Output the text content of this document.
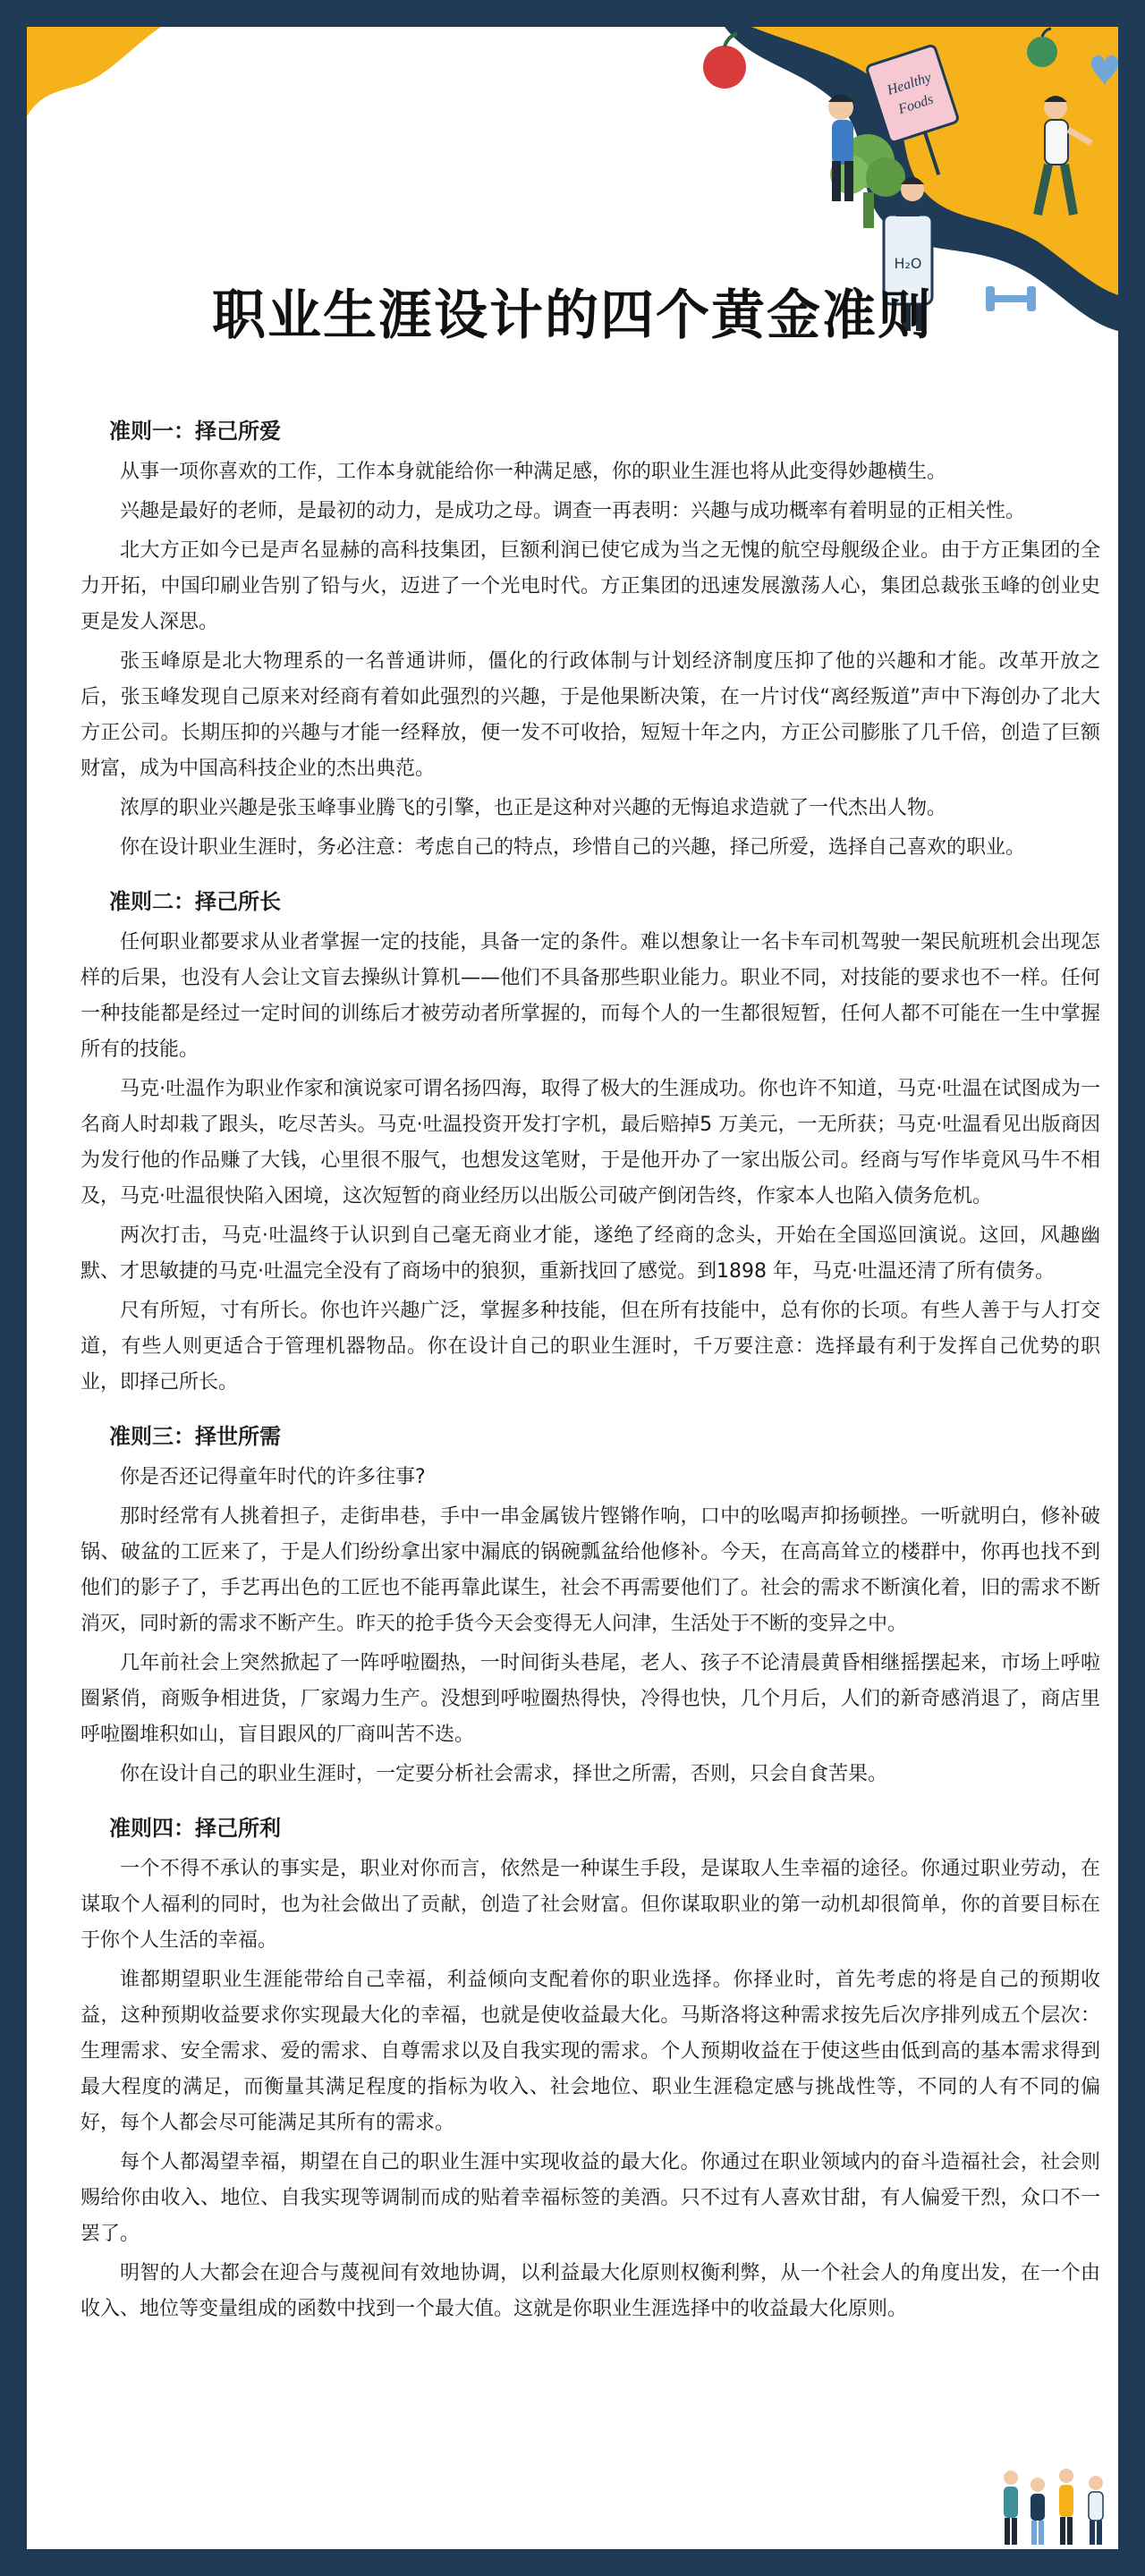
Healthy
Foods
H₂O
职业生涯设计的四个黄金准则

准则一：择己所爱

从事一项你喜欢的工作，工作本身就能给你一种满足感，你的职业生涯也将从此变得妙趣横生。

兴趣是最好的老师，是最初的动力，是成功之母。调查一再表明：兴趣与成功概率有着明显的正相关性。

北大方正如今已是声名显赫的高科技集团，巨额利润已使它成为当之无愧的航空母舰级企业。由于方正集团的全力开拓，中国印刷业告别了铅与火，迈进了一个光电时代。方正集团的迅速发展激荡人心，集团总裁张玉峰的创业史更是发人深思。

张玉峰原是北大物理系的一名普通讲师，僵化的行政体制与计划经济制度压抑了他的兴趣和才能。改革开放之后，张玉峰发现自己原来对经商有着如此强烈的兴趣，于是他果断决策，在一片讨伐“离经叛道”声中下海创办了北大方正公司。长期压抑的兴趣与才能一经释放，便一发不可收拾，短短十年之内，方正公司膨胀了几千倍，创造了巨额财富，成为中国高科技企业的杰出典范。

浓厚的职业兴趣是张玉峰事业腾飞的引擎，也正是这种对兴趣的无悔追求造就了一代杰出人物。

你在设计职业生涯时，务必注意：考虑自己的特点，珍惜自己的兴趣，择己所爱，选择自己喜欢的职业。

准则二：择己所长

任何职业都要求从业者掌握一定的技能，具备一定的条件。难以想象让一名卡车司机驾驶一架民航班机会出现怎样的后果，也没有人会让文盲去操纵计算机——他们不具备那些职业能力。职业不同，对技能的要求也不一样。任何一种技能都是经过一定时间的训练后才被劳动者所掌握的，而每个人的一生都很短暂，任何人都不可能在一生中掌握所有的技能。

马克·吐温作为职业作家和演说家可谓名扬四海，取得了极大的生涯成功。你也许不知道，马克·吐温在试图成为一名商人时却栽了跟头，吃尽苦头。马克·吐温投资开发打字机，最后赔掉5 万美元，一无所获；马克·吐温看见出版商因为发行他的作品赚了大钱，心里很不服气，也想发这笔财，于是他开办了一家出版公司。经商与写作毕竟风马牛不相及，马克·吐温很快陷入困境，这次短暂的商业经历以出版公司破产倒闭告终，作家本人也陷入债务危机。

两次打击，马克·吐温终于认识到自己毫无商业才能，遂绝了经商的念头，开始在全国巡回演说。这回，风趣幽默、才思敏捷的马克·吐温完全没有了商场中的狼狈，重新找回了感觉。到1898 年，马克·吐温还清了所有债务。

尺有所短，寸有所长。你也许兴趣广泛，掌握多种技能，但在所有技能中，总有你的长项。有些人善于与人打交道，有些人则更适合于管理机器物品。你在设计自己的职业生涯时，千万要注意：选择最有利于发挥自己优势的职业，即择己所长。

准则三：择世所需

你是否还记得童年时代的许多往事?

那时经常有人挑着担子，走街串巷，手中一串金属钹片铿锵作响，口中的吆喝声抑扬顿挫。一听就明白，修补破锅、破盆的工匠来了，于是人们纷纷拿出家中漏底的锅碗瓢盆给他修补。今天，在高高耸立的楼群中，你再也找不到他们的影子了，手艺再出色的工匠也不能再靠此谋生，社会不再需要他们了。社会的需求不断演化着，旧的需求不断消灭，同时新的需求不断产生。昨天的抢手货今天会变得无人问津，生活处于不断的变异之中。

几年前社会上突然掀起了一阵呼啦圈热，一时间街头巷尾，老人、孩子不论清晨黄昏相继摇摆起来，市场上呼啦圈紧俏，商贩争相进货，厂家竭力生产。没想到呼啦圈热得快，冷得也快，几个月后，人们的新奇感消退了，商店里呼啦圈堆积如山，盲目跟风的厂商叫苦不迭。

你在设计自己的职业生涯时，一定要分析社会需求，择世之所需，否则，只会自食苦果。

准则四：择己所利

一个不得不承认的事实是，职业对你而言，依然是一种谋生手段，是谋取人生幸福的途径。你通过职业劳动，在谋取个人福利的同时，也为社会做出了贡献，创造了社会财富。但你谋取职业的第一动机却很简单，你的首要目标在于你个人生活的幸福。

谁都期望职业生涯能带给自己幸福，利益倾向支配着你的职业选择。你择业时，首先考虑的将是自己的预期收益，这种预期收益要求你实现最大化的幸福，也就是使收益最大化。马斯洛将这种需求按先后次序排列成五个层次：生理需求、安全需求、爱的需求、自尊需求以及自我实现的需求。个人预期收益在于使这些由低到高的基本需求得到最大程度的满足，而衡量其满足程度的指标为收入、社会地位、职业生涯稳定感与挑战性等，不同的人有不同的偏好，每个人都会尽可能满足其所有的需求。

每个人都渴望幸福，期望在自己的职业生涯中实现收益的最大化。你通过在职业领域内的奋斗造福社会，社会则赐给你由收入、地位、自我实现等调制而成的贴着幸福标签的美酒。只不过有人喜欢甘甜，有人偏爱干烈，众口不一罢了。

明智的人大都会在迎合与蔑视间有效地协调，以利益最大化原则权衡利弊，从一个社会人的角度出发，在一个由收入、地位等变量组成的函数中找到一个最大值。这就是你职业生涯选择中的收益最大化原则。
